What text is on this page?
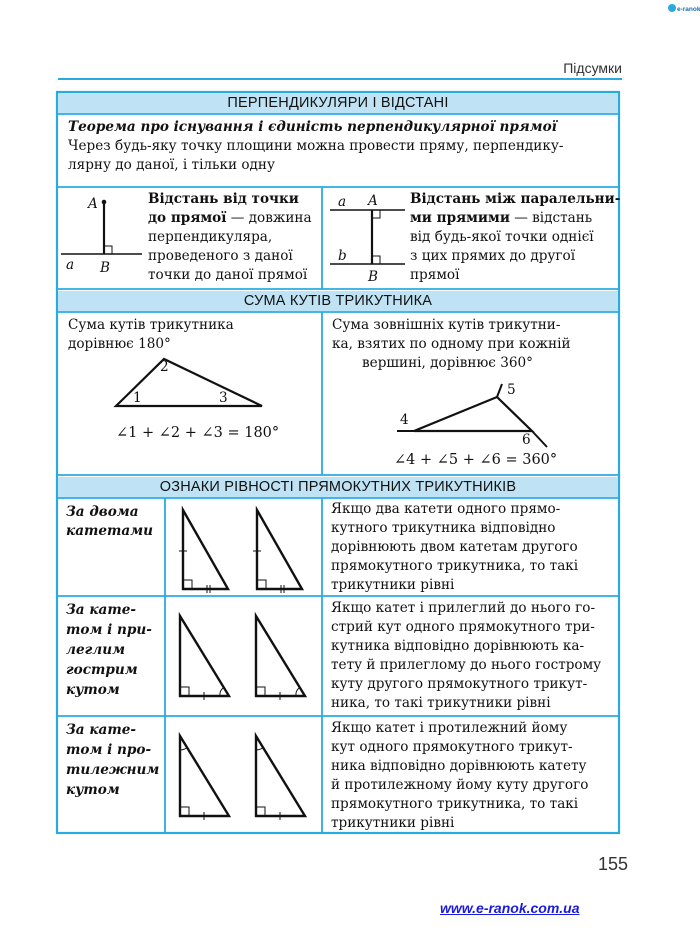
e-ranok
Підсумки
ПЕРПЕНДИКУЛЯРИ І ВІДСТАНІ
Теорема про існування і єдиність перпендикулярної прямої
Через будь-яку точку площини можна провести пряму, перпендику-
лярну до даної, і тільки одну
A
a B
Відстань від точки
до прямої — довжина
перпендикуляра,
проведеного з даної
точки до даної прямої
a A
b
B
Відстань між паралельни-
ми прямими — відстань
від будь-якої точки однієї
з цих прямих до другої
прямої
СУМА КУТІВ ТРИКУТНИКА
Сума кутів трикутника
дорівнює 180°
2
1	3
∠1 + ∠2 + ∠3 = 180°
Сума зовнішніх кутів трикутни-
ка, взятих по одному при кожній
вершині, дорівнює 360°
5
4
6
∠4 + ∠5 + ∠6 = 360°
ОЗНАКИ РІВНОСТІ ПРЯМОКУТНИХ ТРИКУТНИКІВ
За двома
катетами
Якщо два катети одного прямо-
кутного трикутника відповідно
дорівнюють двом катетам другого
прямокутного трикутника, то такі
трикутники рівні
За кате-
том і при-
леглим
гострим
кутом
Якщо катет і прилеглий до нього го-
стрий кут одного прямокутного три-
кутника відповідно дорівнюють ка-
тету й прилеглому до нього гострому
куту другого прямокутного трикут-
ника, то такі трикутники рівні
За кате-
том і про-
тилежним
кутом
Якщо катет і протилежний йому
кут одного прямокутного трикут-
ника відповідно дорівнюють катету
й протилежному йому куту другого
прямокутного трикутника, то такі
трикутники рівні
155
www.e-ranok.com.ua
